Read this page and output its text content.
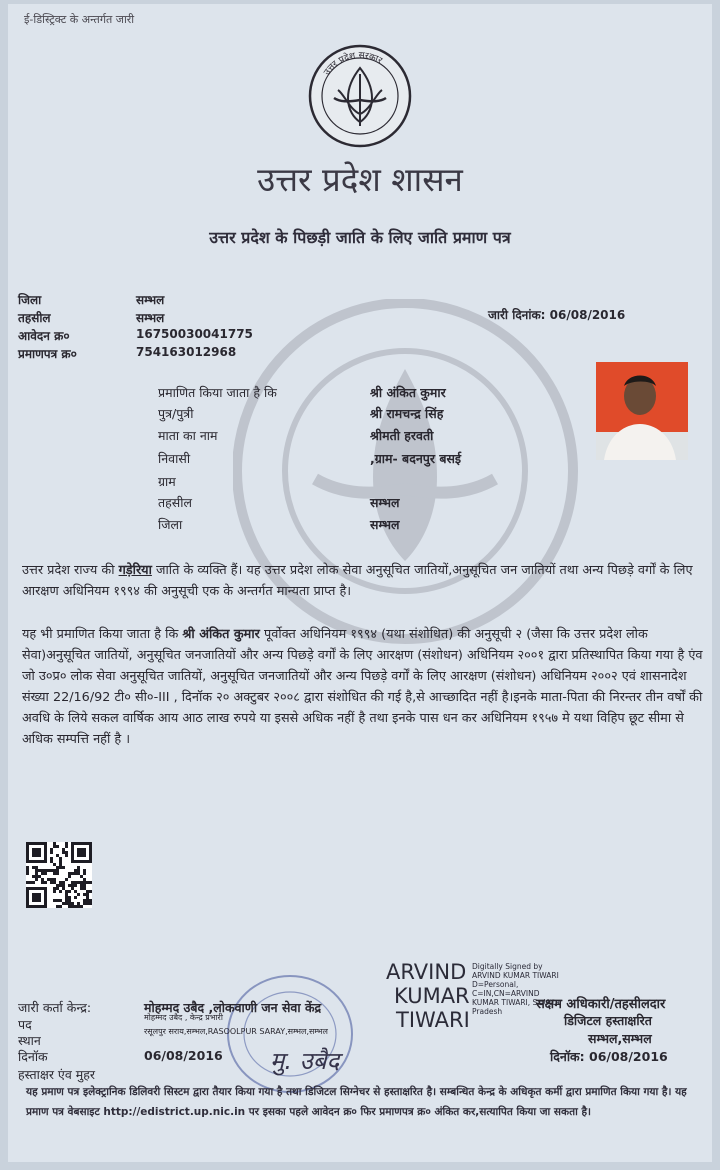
ई-डिस्ट्रिक्ट के अन्तर्गत जारी
उत्तर प्रदेश सरकार
उत्तर प्रदेश शासन
उत्तर प्रदेश के पिछड़ी जाति के लिए जाति प्रमाण पत्र
जिला	सम्भल
तहसील	सम्भल
आवेदन क्र०	16750030041775
प्रमाणपत्र क्र०	754163012968
जारी दिनांक: 06/08/2016
प्रमाणित किया जाता है कि	श्री अंकित कुमार
पुत्र/पुत्री	श्री रामचन्द्र सिंह
माता का नाम	श्रीमती हरवती
निवासी	,ग्राम- बदनपुर बसई
ग्राम
तहसील	सम्भल
जिला	सम्भल
उत्तर प्रदेश राज्य की गड़ेरिया जाति के व्यक्ति हैं। यह उत्तर प्रदेश लोक सेवा अनुसूचित जातियों,अनुसूचित जन जातियों तथा अन्य पिछड़े वर्गों के लिए आरक्षण अधिनियम १९९४ की अनुसूची एक के अन्तर्गत मान्यता प्राप्त है।
यह भी प्रमाणित किया जाता है कि श्री अंकित कुमार पूर्वोक्त अधिनियम १९९४ (यथा संशोधित) की अनुसूची २ (जैसा कि उत्तर प्रदेश लोक सेवा)अनुसूचित जातियों, अनुसूचित जनजातियों और अन्य पिछड़े वर्गों के लिए आरक्षण (संशोधन) अधिनियम २००१ द्वारा प्रतिस्थापित किया गया है एंव जो उ०प्र० लोक सेवा अनुसूचित जातियों, अनुसूचित जनजातियों और अन्य पिछड़े वर्गों के लिए आरक्षण (संशोधन) अधिनियम २००२ एवं शासनादेश संख्या 22/16/92 टी० सी०-III , दिनॉक २० अक्टुबर २००८ द्वारा संशोधित की गई है,से आच्छादित नहीं है।इनके माता-पिता की निरन्तर तीन वर्षों की अवधि के लिये सकल वार्षिक आय आठ लाख रुपये या इससे अधिक नहीं है तथा इनके पास धन कर अधिनियम १९५७ मे यथा विहिप छूट सीमा से अधिक सम्पत्ति नहीं है ।
ARVIND
KUMAR
TIWARI
Digitally Signed by ARVIND KUMAR TIWARI D=Personal, C=IN,CN=ARVIND KUMAR TIWARI, S=Uttar Pradesh
जारी कर्ता केन्द्र:	मोहम्मद उबैद ,लोकवाणी जन सेवा केंद्र
पद	मोहम्मद उबैद , केन्द्र प्रभारी
स्थान
रसूलपुर सराय,सम्भल,RASOOLPUR SARAY,सम्भल,सम्भल
दिनॉक	06/08/2016
हस्ताक्षर एंव मुहर	मु. उबैद
सक्षम अधिकारी/तहसीलदार
डिजिटल हस्ताक्षरित
सम्भल,सम्भल
दिनॉक: 06/08/2016
यह प्रमाण पत्र इलेक्ट्रानिक डिलिवरी सिस्टम द्वारा तैयार किया गया है तथा डिजिटल सिग्नेचर से हस्ताक्षरित है। सम्बन्धित केन्द्र के अधिकृत कर्मी द्वारा प्रमाणित किया गया है। यह प्रमाण पत्र वेबसाइट http://edistrict.up.nic.in पर इसका पहले आवेदन क्र० फिर प्रमाणपत्र क्र० अंकित कर,सत्यापित किया जा सकता है।
